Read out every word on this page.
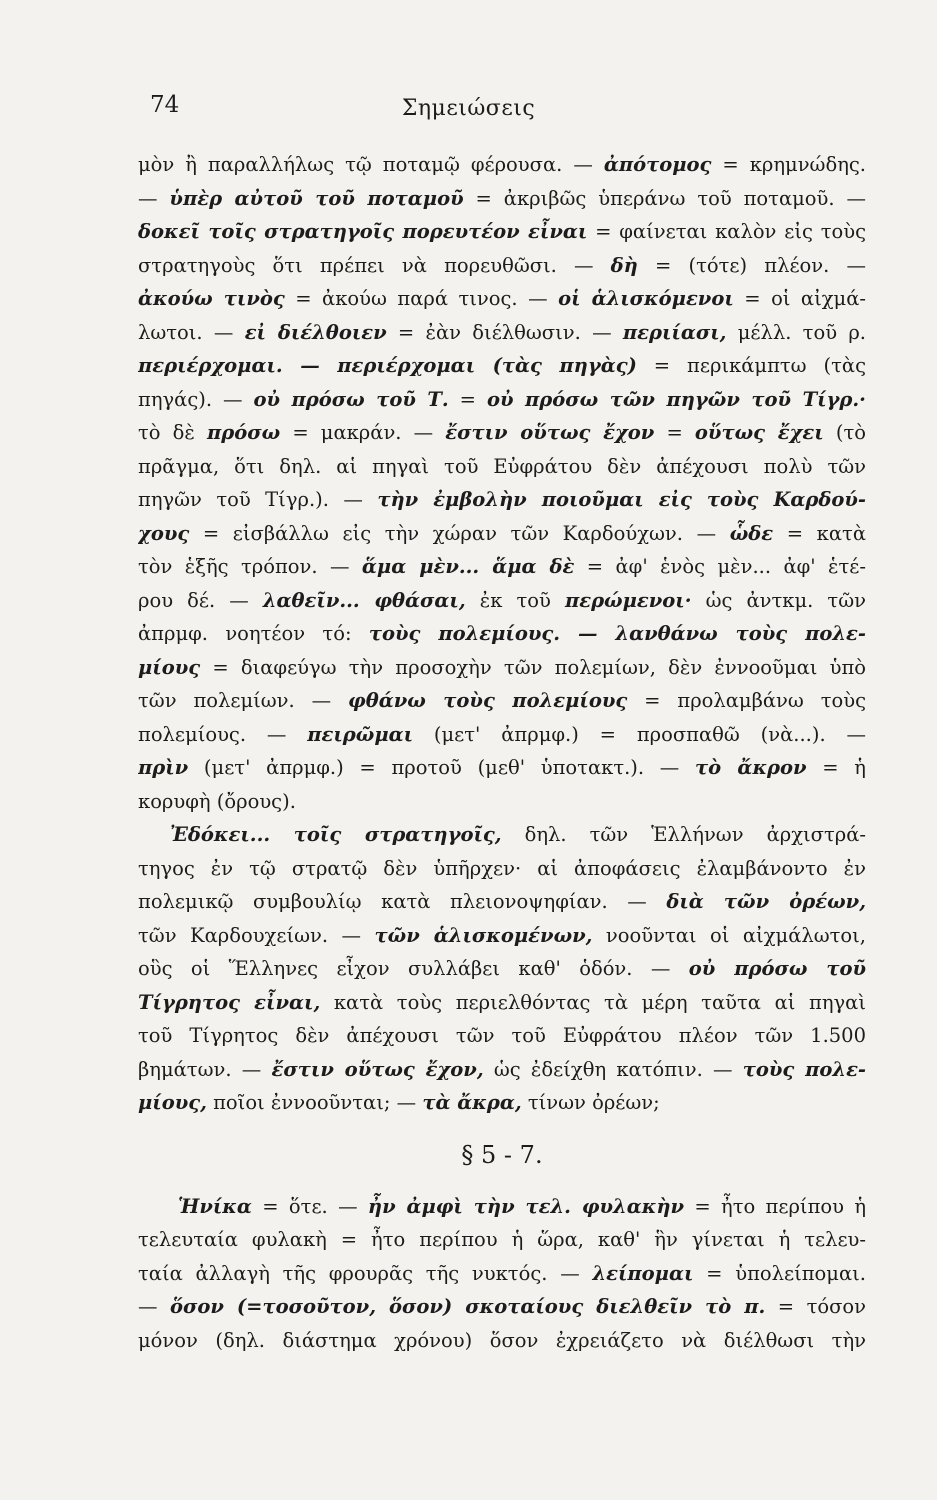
74	Σημειώσεις
μὸν ἢ παραλλήλως τῷ ποταμῷ φέρουσα. — ἀπότομος = κρημνώδης.
— ὑπὲρ αὐτοῦ τοῦ ποταμοῦ = ἀκριβῶς ὑπεράνω τοῦ ποταμοῦ. —
δοκεῖ τοῖς στρατηγοῖς πορευτέον εἶναι = φαίνεται καλὸν εἰς τοὺς
στρατηγοὺς ὅτι πρέπει νὰ πορευθῶσι. — δὴ = (τότε) πλέον. —
ἀκούω τινὸς = ἀκούω παρά τινος. — οἱ ἁλισκόμενοι = οἱ αἰχμά-
λωτοι. — εἰ διέλθοιεν = ἐὰν διέλθωσιν. — περιίασι, μέλλ. τοῦ ρ.
περιέρχομαι. — περιέρχομαι (τὰς πηγὰς) = περικάμπτω (τὰς
πηγάς). — οὐ πρόσω τοῦ Τ. = οὐ πρόσω τῶν πηγῶν τοῦ Τίγρ.·
τὸ δὲ πρόσω = μακράν. — ἔστιν οὕτως ἔχον = οὕτως ἔχει (τὸ
πρᾶγμα, ὅτι δηλ. αἱ πηγαὶ τοῦ Εὐφράτου δὲν ἀπέχουσι πολὺ τῶν
πηγῶν τοῦ Τίγρ.). — τὴν ἐμβολὴν ποιοῦμαι εἰς τοὺς Καρδού-
χους = εἰσβάλλω εἰς τὴν χώραν τῶν Καρδούχων. — ὧδε = κατὰ
τὸν ἑξῆς τρόπον. — ἅμα μὲν... ἅμα δὲ = ἀφ' ἑνὸς μὲν... ἀφ' ἑτέ-
ρου δέ. — λαθεῖν... φθάσαι, ἐκ τοῦ περώμενοι· ὡς ἀντκμ. τῶν
ἀπρμφ. νοητέον τό: τοὺς πολεμίους. — λανθάνω τοὺς πολε-
μίους = διαφεύγω τὴν προσοχὴν τῶν πολεμίων, δὲν ἐννοοῦμαι ὑπὸ
τῶν πολεμίων. — φθάνω τοὺς πολεμίους = προλαμβάνω τοὺς
πολεμίους. — πειρῶμαι (μετ' ἀπρμφ.) = προσπαθῶ (νὰ...). —
πρὶν (μετ' ἀπρμφ.) = προτοῦ (μεθ' ὑποτακτ.). — τὸ ἄκρον = ἡ
κορυφὴ (ὄρους).
Ἐδόκει... τοῖς στρατηγοῖς, δηλ. τῶν Ἑλλήνων ἀρχιστρά-
τηγος ἐν τῷ στρατῷ δὲν ὑπῆρχεν· αἱ ἀποφάσεις ἐλαμβάνοντο ἐν
πολεμικῷ συμβουλίῳ κατὰ πλειονοψηφίαν. — διὰ τῶν ὀρέων,
τῶν Καρδουχείων. — τῶν ἁλισκομένων, νοοῦνται οἱ αἰχμάλωτοι,
οὓς οἱ Ἕλληνες εἶχον συλλάβει καθ' ὁδόν. — οὐ πρόσω τοῦ
Τίγρητος εἶναι, κατὰ τοὺς περιελθόντας τὰ μέρη ταῦτα αἱ πηγαὶ
τοῦ Τίγρητος δὲν ἀπέχουσι τῶν τοῦ Εὐφράτου πλέον τῶν 1.500
βημάτων. — ἔστιν οὕτως ἔχον, ὡς ἐδείχθη κατόπιν. — τοὺς πολε-
μίους, ποῖοι ἐννοοῦνται; — τὰ ἄκρα, τίνων ὀρέων;
§ 5 - 7.
Ἡνίκα = ὅτε. — ἦν ἀμφὶ τὴν τελ. φυλακὴν = ἦτο περίπου ἡ
τελευταία φυλακὴ = ἦτο περίπου ἡ ὥρα, καθ' ἣν γίνεται ἡ τελευ-
ταία ἀλλαγὴ τῆς φρουρᾶς τῆς νυκτός. — λείπομαι = ὑπολείπομαι.
— ὅσον (=τοσοῦτον, ὅσον) σκοταίους διελθεῖν τὸ π. = τόσον
μόνον (δηλ. διάστημα χρόνου) ὅσον ἐχρειάζετο νὰ διέλθωσι τὴν
